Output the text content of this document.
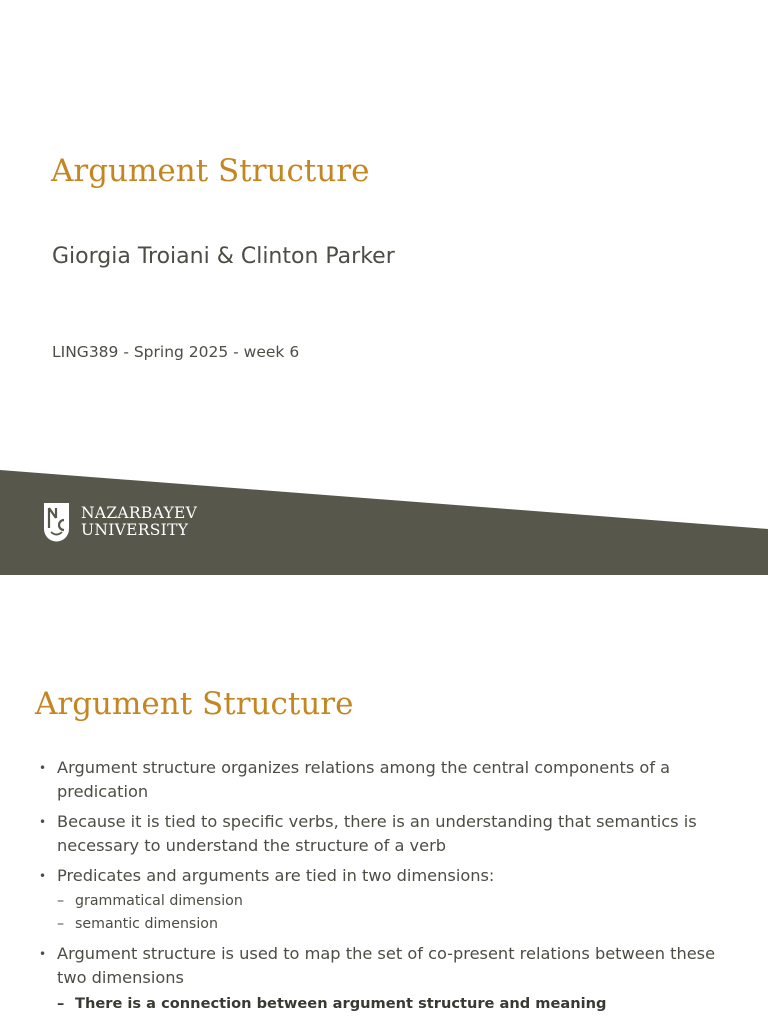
Argument Structure
Giorgia Troiani & Clinton Parker
LING389 - Spring 2025 - week 6
NAZARBAYEV
UNIVERSITY
Argument Structure
• Argument structure organizes relations among the central components of a predication
• Because it is tied to specific verbs, there is an understanding that semantics is necessary to understand the structure of a verb
• Predicates and arguments are tied in two dimensions:
– grammatical dimension
– semantic dimension
• Argument structure is used to map the set of co-present relations between these two dimensions
– There is a connection between argument structure and meaning
